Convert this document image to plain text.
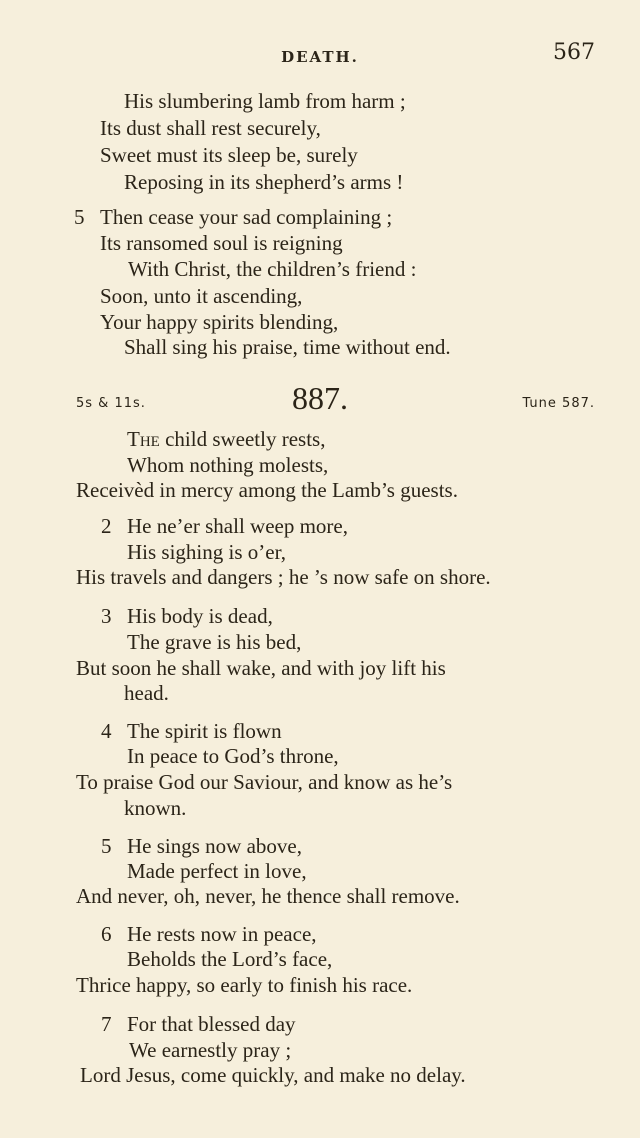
DEATH.	567
His slumbering lamb from harm ;
Its dust shall rest securely,
Sweet must its sleep be, surely
Reposing in its shepherd’s arms !
5 Then cease your sad complaining ;
Its ransomed soul is reigning
With Christ, the children’s friend :
Soon, unto it ascending,
Your happy spirits blending,
Shall sing his praise, time without end.
5s & 11s.	887.	Tune 587.
The child sweetly rests,
Whom nothing molests,
Receivèd in mercy among the Lamb’s guests.
2 He ne’er shall weep more,
His sighing is o’er,
His travels and dangers ; he ’s now safe on shore.
3 His body is dead,
The grave is his bed,
But soon he shall wake, and with joy lift his
head.
4 The spirit is flown
In peace to God’s throne,
To praise God our Saviour, and know as he’s
known.
5 He sings now above,
Made perfect in love,
And never, oh, never, he thence shall remove.
6 He rests now in peace,
Beholds the Lord’s face,
Thrice happy, so early to finish his race.
7 For that blessed day
We earnestly pray ;
Lord Jesus, come quickly, and make no delay.
